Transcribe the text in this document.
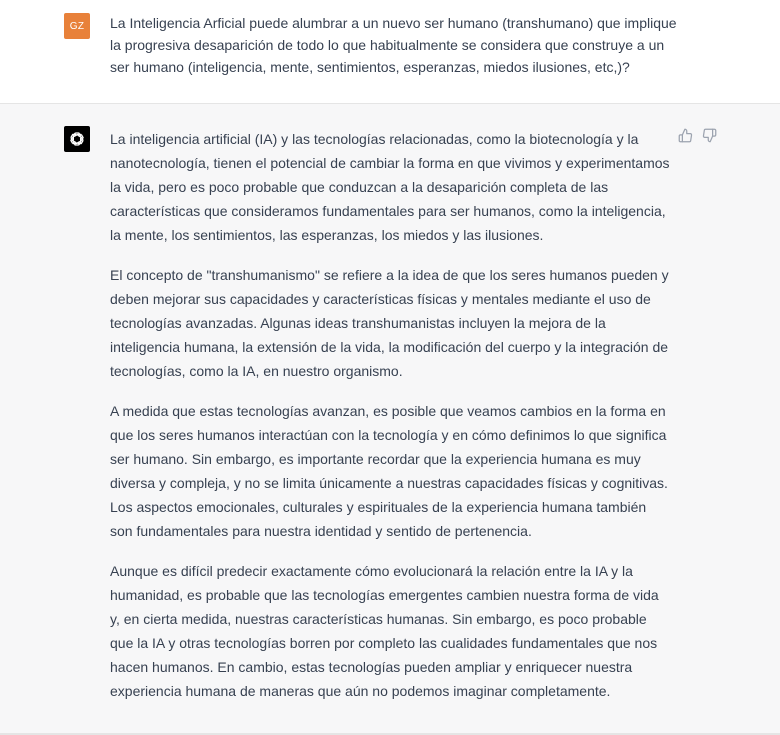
GZ	La Inteligencia Arficial puede alumbrar a un nuevo ser humano (transhumano) que implique la progresiva desaparición de todo lo que habitualmente se considera que construye a un ser humano (inteligencia, mente, sentimientos, esperanzas, miedos ilusiones, etc,)?

La inteligencia artificial (IA) y las tecnologías relacionadas, como la biotecnología y la nanotecnología, tienen el potencial de cambiar la forma en que vivimos y experimentamos la vida, pero es poco probable que conduzcan a la desaparición completa de las características que consideramos fundamentales para ser humanos, como la inteligencia, la mente, los sentimientos, las esperanzas, los miedos y las ilusiones.

El concepto de "transhumanismo" se refiere a la idea de que los seres humanos pueden y deben mejorar sus capacidades y características físicas y mentales mediante el uso de tecnologías avanzadas. Algunas ideas transhumanistas incluyen la mejora de la inteligencia humana, la extensión de la vida, la modificación del cuerpo y la integración de tecnologías, como la IA, en nuestro organismo.

A medida que estas tecnologías avanzan, es posible que veamos cambios en la forma en que los seres humanos interactúan con la tecnología y en cómo definimos lo que significa ser humano. Sin embargo, es importante recordar que la experiencia humana es muy diversa y compleja, y no se limita únicamente a nuestras capacidades físicas y cognitivas. Los aspectos emocionales, culturales y espirituales de la experiencia humana también son fundamentales para nuestra identidad y sentido de pertenencia.

Aunque es difícil predecir exactamente cómo evolucionará la relación entre la IA y la humanidad, es probable que las tecnologías emergentes cambien nuestra forma de vida y, en cierta medida, nuestras características humanas. Sin embargo, es poco probable que la IA y otras tecnologías borren por completo las cualidades fundamentales que nos hacen humanos. En cambio, estas tecnologías pueden ampliar y enriquecer nuestra experiencia humana de maneras que aún no podemos imaginar completamente.
